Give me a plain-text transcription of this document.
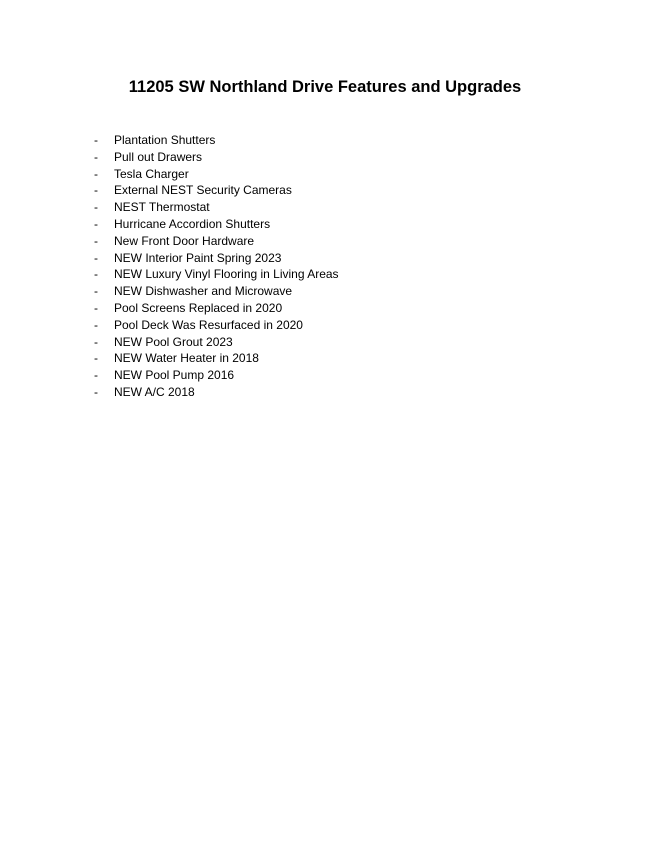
11205 SW Northland Drive Features and Upgrades
-	Plantation Shutters
-	Pull out Drawers
-	Tesla Charger
-	External NEST Security Cameras
-	NEST Thermostat
-	Hurricane Accordion Shutters
-	New Front Door Hardware
-	NEW Interior Paint Spring 2023
-	NEW Luxury Vinyl Flooring in Living Areas
-	NEW Dishwasher and Microwave
-	Pool Screens Replaced in 2020
-	Pool Deck Was Resurfaced in 2020
-	NEW Pool Grout 2023
-	NEW Water Heater in 2018
-	NEW Pool Pump 2016
-	NEW A/C 2018
